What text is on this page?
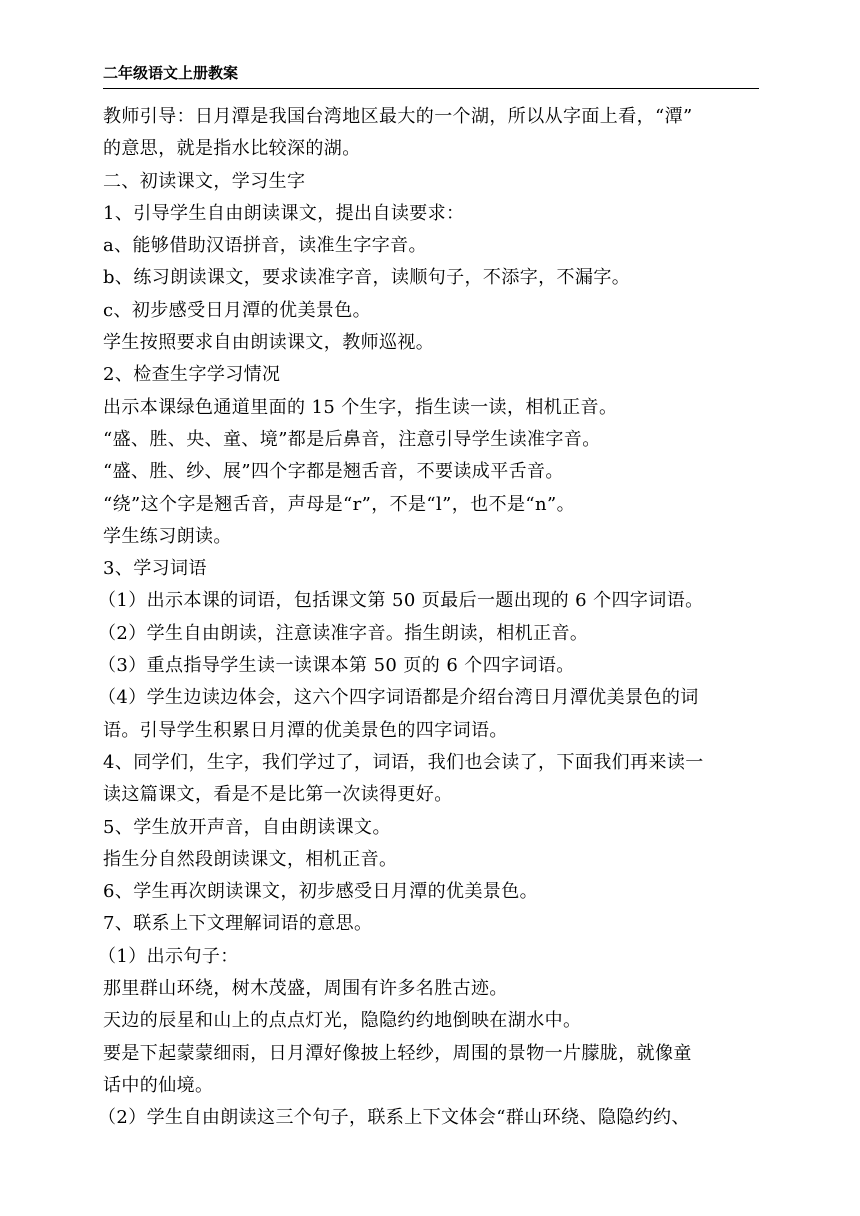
二年级语文上册教案
教师引导：日月潭是我国台湾地区最大的一个湖，所以从字面上看，“潭”
的意思，就是指水比较深的湖。
二、初读课文，学习生字
1、引导学生自由朗读课文，提出自读要求：
a、能够借助汉语拼音，读准生字字音。
b、练习朗读课文，要求读准字音，读顺句子，不添字，不漏字。
c、初步感受日月潭的优美景色。
学生按照要求自由朗读课文，教师巡视。
2、检查生字学习情况
出示本课绿色通道里面的 15 个生字，指生读一读，相机正音。
“盛、胜、央、童、境”都是后鼻音，注意引导学生读准字音。
“盛、胜、纱、展”四个字都是翘舌音，不要读成平舌音。
“绕”这个字是翘舌音，声母是“r”，不是“l”，也不是“n”。
学生练习朗读。
3、学习词语
（1）出示本课的词语，包括课文第 50 页最后一题出现的 6 个四字词语。
（2）学生自由朗读，注意读准字音。指生朗读，相机正音。
（3）重点指导学生读一读课本第 50 页的 6 个四字词语。
（4）学生边读边体会，这六个四字词语都是介绍台湾日月潭优美景色的词
语。引导学生积累日月潭的优美景色的四字词语。
4、同学们，生字，我们学过了，词语，我们也会读了，下面我们再来读一
读这篇课文，看是不是比第一次读得更好。
5、学生放开声音，自由朗读课文。
指生分自然段朗读课文，相机正音。
6、学生再次朗读课文，初步感受日月潭的优美景色。
7、联系上下文理解词语的意思。
（1）出示句子：
那里群山环绕，树木茂盛，周围有许多名胜古迹。
天边的辰星和山上的点点灯光，隐隐约约地倒映在湖水中。
要是下起蒙蒙细雨，日月潭好像披上轻纱，周围的景物一片朦胧，就像童
话中的仙境。
（2）学生自由朗读这三个句子，联系上下文体会“群山环绕、隐隐约约、
